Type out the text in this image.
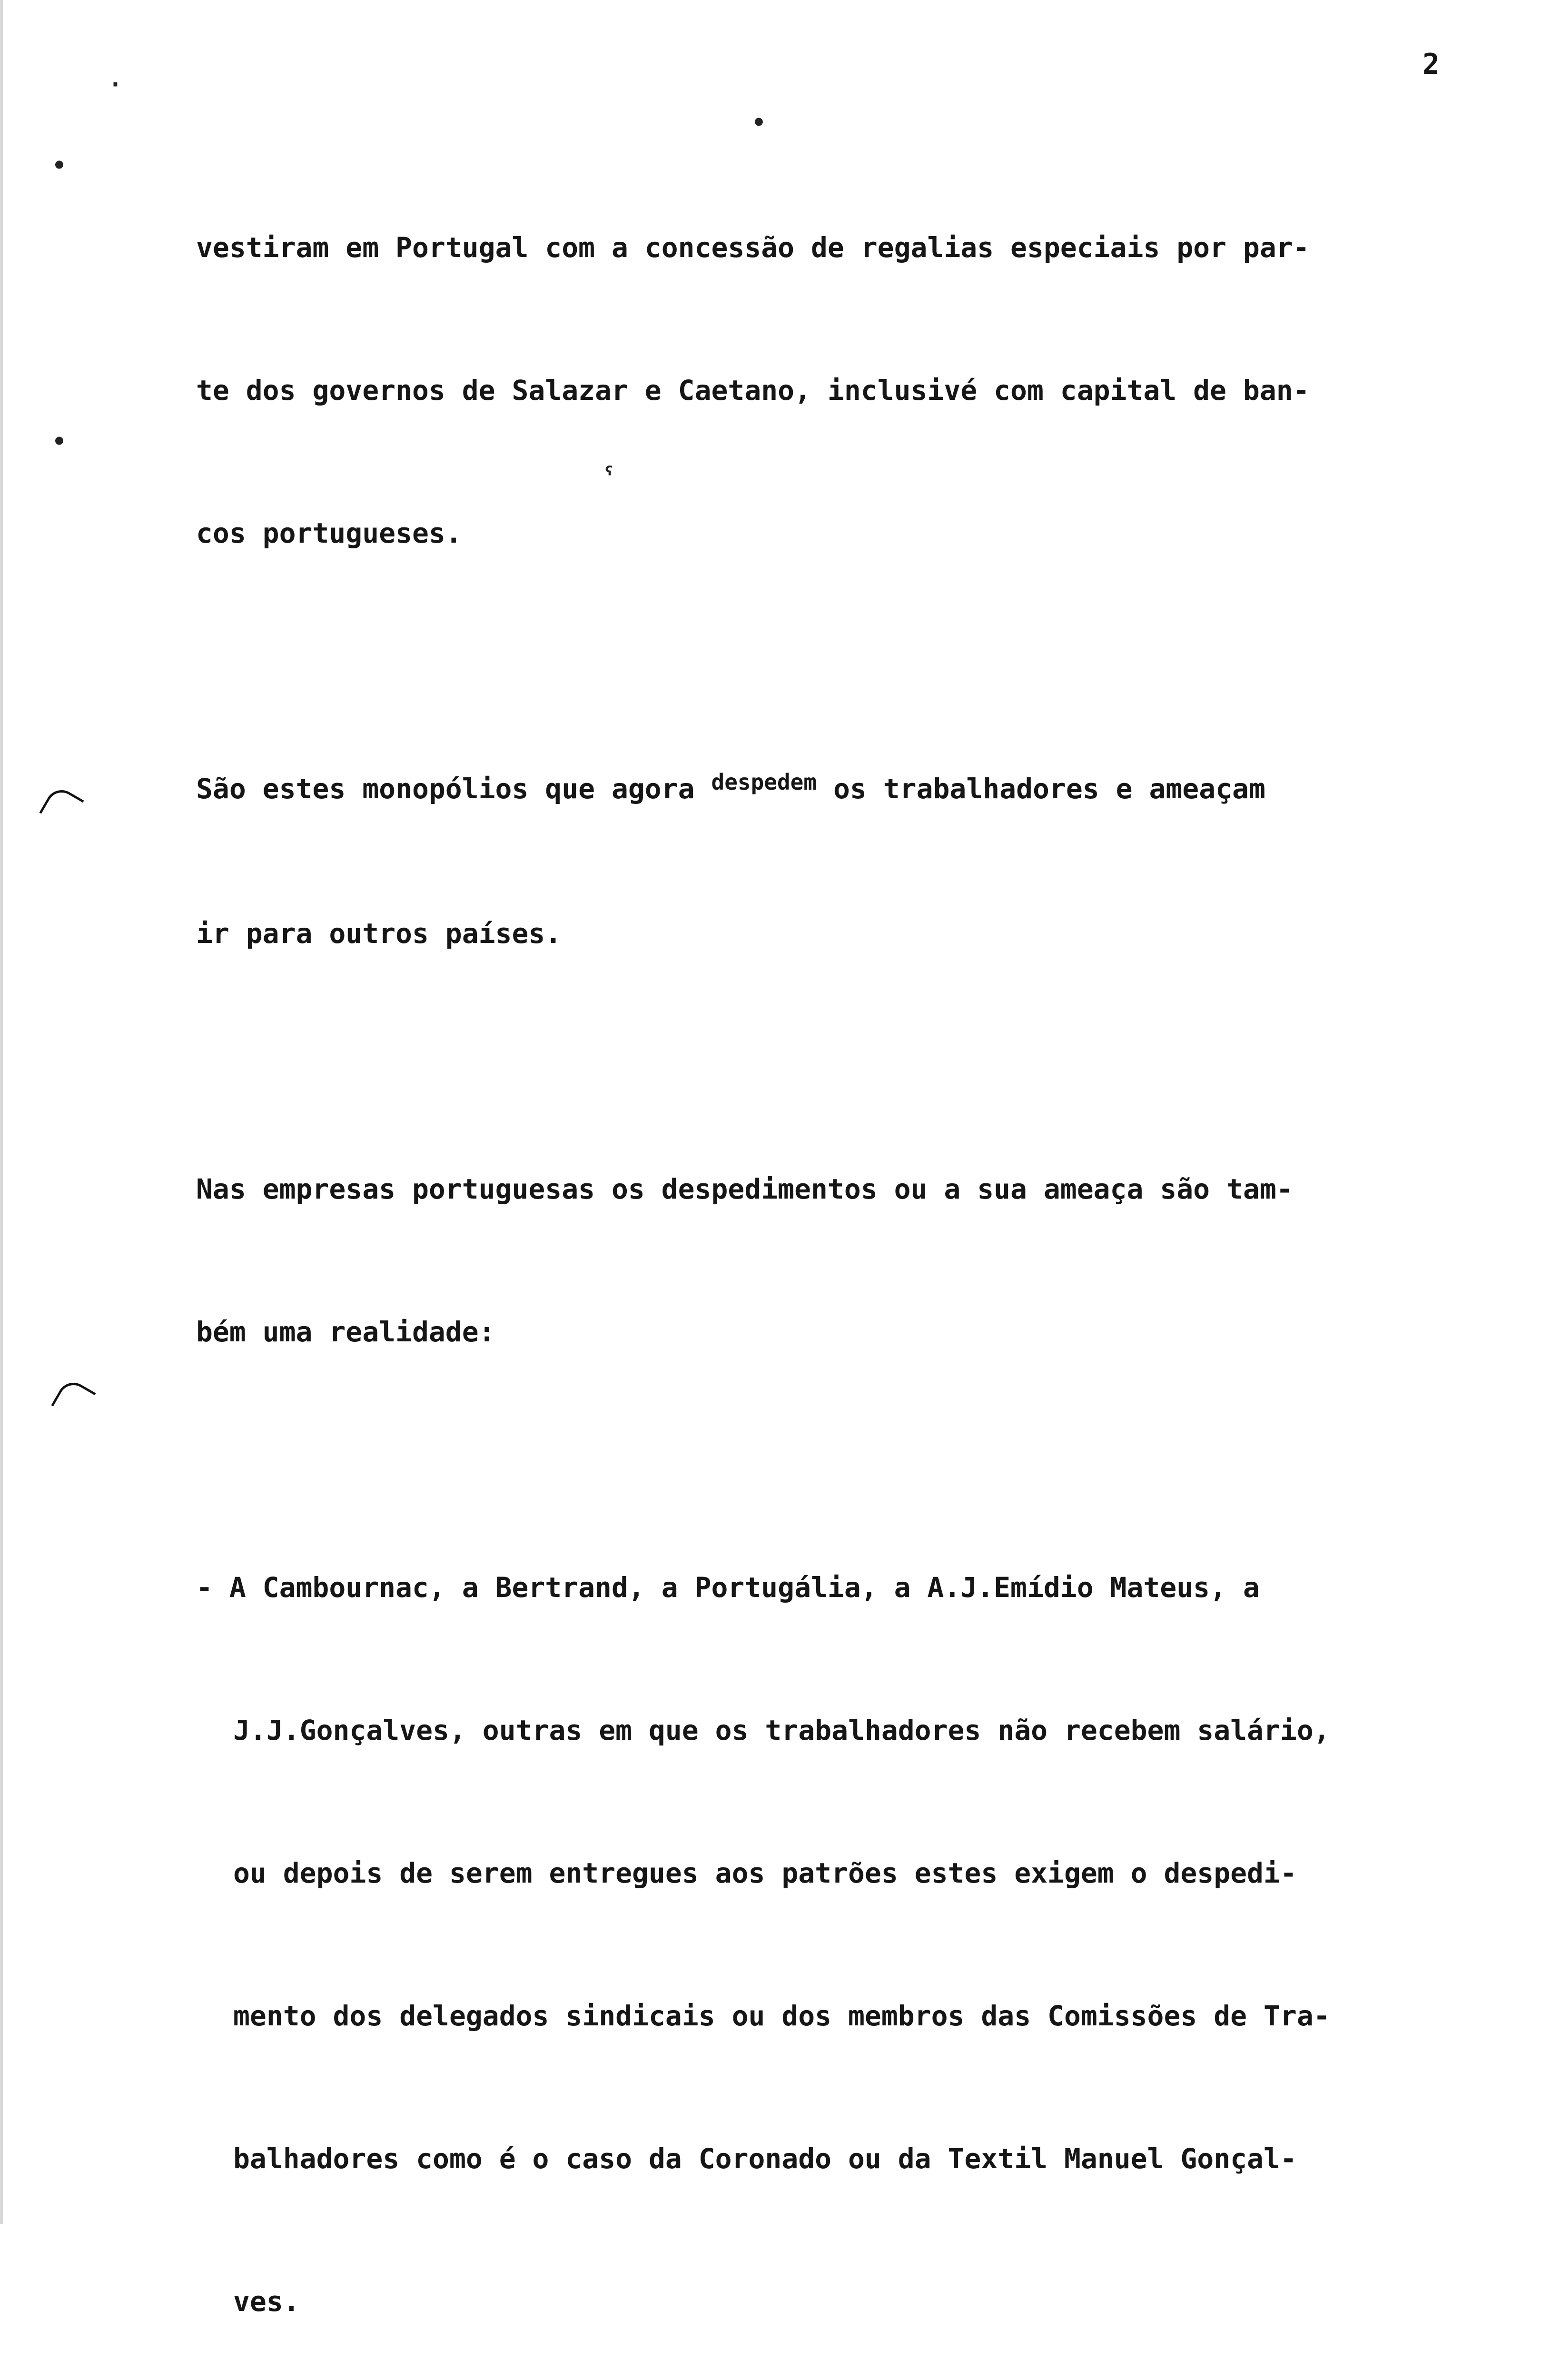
2
·
•
•
ˁ
•

vestiram em Portugal com a concessão de regalias especiais por par-

te dos governos de Salazar e Caetano, inclusivé com capital de ban-

cos portugueses.

São estes monopólios que agora $^{despedem}$ os trabalhadores e ameaçam

ir para outros países.

Nas empresas portuguesas os despedimentos ou a sua ameaça são tam-

bém uma realidade:

- A Cambournac, a Bertrand, a Portugália, a A.J.Emídio Mateus, a

J.J.Gonçalves, outras em que os trabalhadores não recebem salário,

ou depois de serem entregues aos patrões estes exigem o despedi-

mento dos delegados sindicais ou dos membros das Comissões de Tra-

balhadores como é o caso da Coronado ou da Textil Manuel Gonçal-

ves.
